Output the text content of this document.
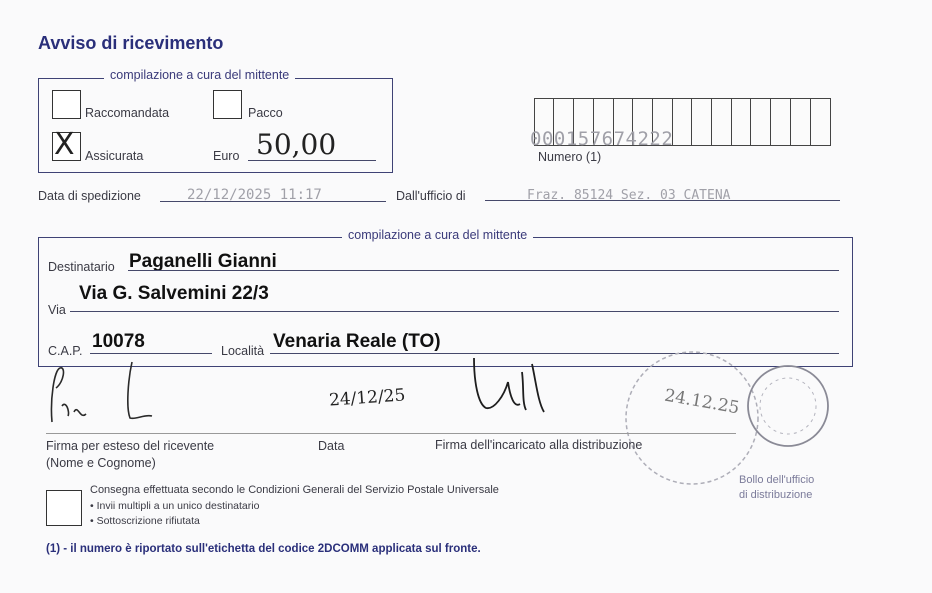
Avviso di ricevimento
compilazione a cura del mittente
Raccomandata	Pacco
X Assicurata	Euro 50,00	000157674222
Numero (1)
Data di spedizione	22/12/2025 11:17	Dall'ufficio di	Fraz. 85124 Sez. 03 CATENA
compilazione a cura del mittente
Destinatario Paganelli Gianni
Via
Via G. Salvemini 22/3
C.A.P. 10078	Località Venaria Reale (TO)
24/12/25	24.12.25
Bollo dell'ufficio
di distribuzione
Firma per esteso del ricevente
(Nome e Cognome)
Data	Firma dell'incaricato alla distribuzione
Consegna effettuata secondo le Condizioni Generali del Servizio Postale Universale
• Invii multipli a un unico destinatario
• Sottoscrizione rifiutata
(1) - il numero è riportato sull'etichetta del codice 2DCOMM applicata sul fronte.
